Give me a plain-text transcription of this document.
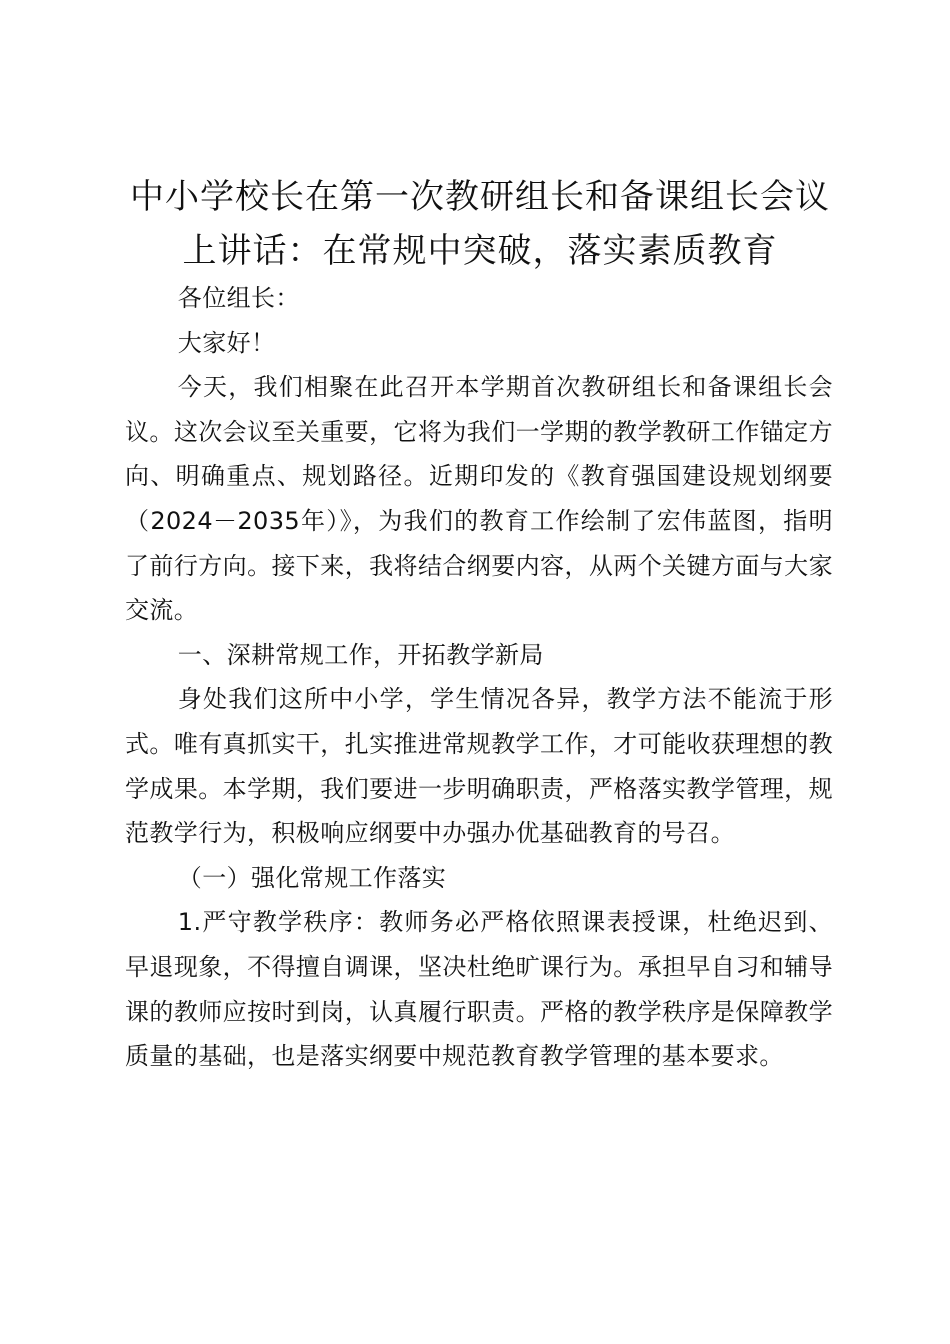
中小学校长在第一次教研组长和备课组长会议上讲话：在常规中突破，落实素质教育

各位组长：

大家好！

今天，我们相聚在此召开本学期首次教研组长和备课组长会议。这次会议至关重要，它将为我们一学期的教学教研工作锚定方向、明确重点、规划路径。近期印发的《教育强国建设规划纲要（2024－2035年）》，为我们的教育工作绘制了宏伟蓝图，指明了前行方向。接下来，我将结合纲要内容，从两个关键方面与大家交流。

一、深耕常规工作，开拓教学新局

身处我们这所中小学，学生情况各异，教学方法不能流于形式。唯有真抓实干，扎实推进常规教学工作，才可能收获理想的教学成果。本学期，我们要进一步明确职责，严格落实教学管理，规范教学行为，积极响应纲要中办强办优基础教育的号召。

（一）强化常规工作落实

1.严守教学秩序：教师务必严格依照课表授课，杜绝迟到、早退现象，不得擅自调课，坚决杜绝旷课行为。承担早自习和辅导课的教师应按时到岗，认真履行职责。严格的教学秩序是保障教学质量的基础，也是落实纲要中规范教育教学管理的基本要求。
